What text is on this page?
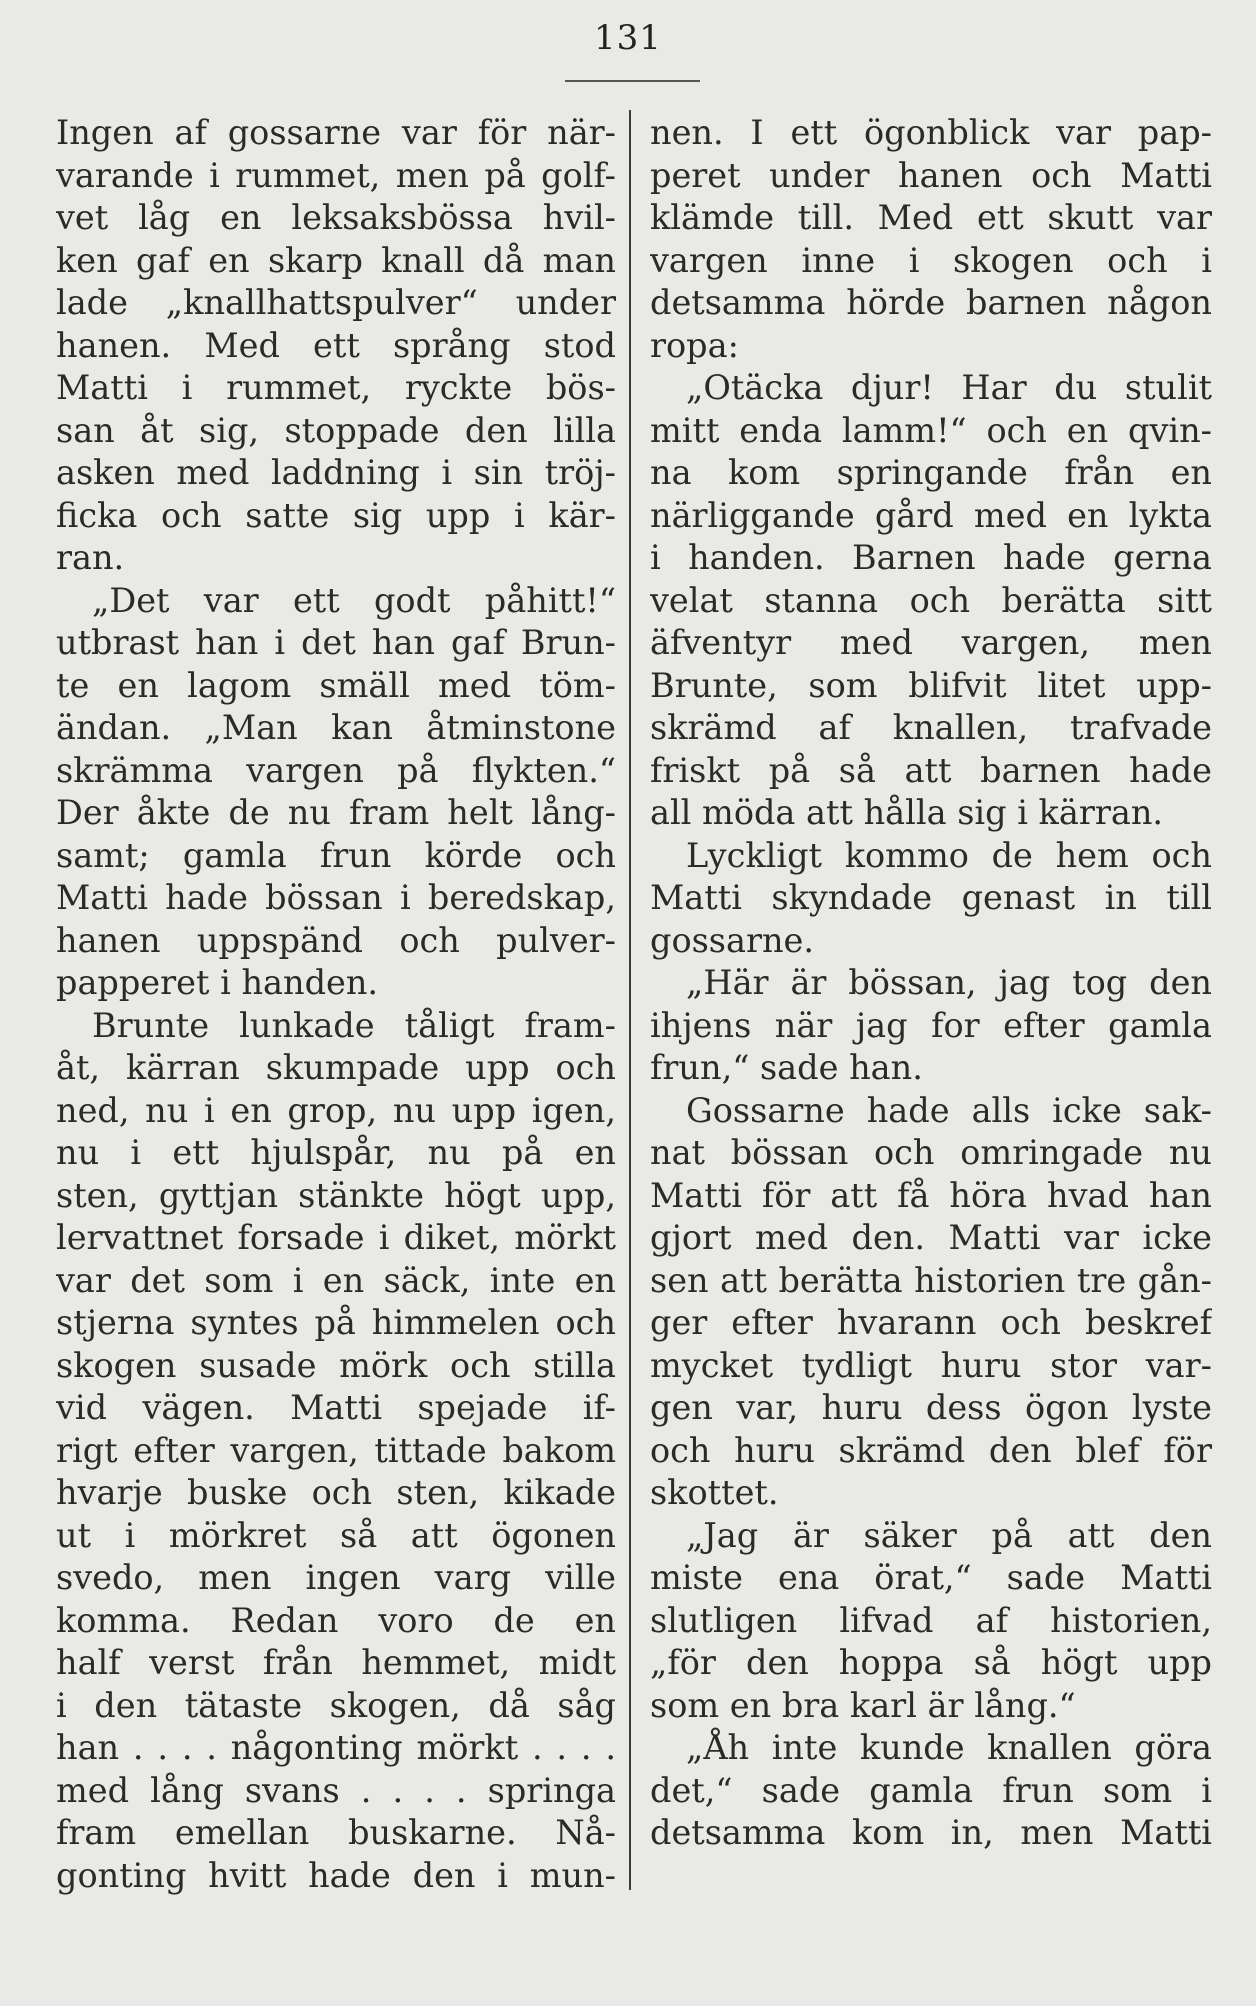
131
Ingen af gossarne var för när-
varande i rummet, men på golf-
vet låg en leksaksbössa hvil-
ken gaf en skarp knall då man
lade „knallhattspulver“ under
hanen. Med ett språng stod
Matti i rummet, ryckte bös-
san åt sig, stoppade den lilla
asken med laddning i sin tröj-
ficka och satte sig upp i kär-
ran.
„Det var ett godt påhitt!“
utbrast han i det han gaf Brun-
te en lagom smäll med töm-
ändan. „Man kan åtminstone
skrämma vargen på flykten.“
Der åkte de nu fram helt lång-
samt; gamla frun körde och
Matti hade bössan i beredskap,
hanen uppspänd och pulver-
papperet i handen.
Brunte lunkade tåligt fram-
åt, kärran skumpade upp och
ned, nu i en grop, nu upp igen,
nu i ett hjulspår, nu på en
sten, gyttjan stänkte högt upp,
lervattnet forsade i diket, mörkt
var det som i en säck, inte en
stjerna syntes på himmelen och
skogen susade mörk och stilla
vid vägen. Matti spejade if-
rigt efter vargen, tittade bakom
hvarje buske och sten, kikade
ut i mörkret så att ögonen
svedo, men ingen varg ville
komma. Redan voro de en
half verst från hemmet, midt
i den tätaste skogen, då såg
han . . . . någonting mörkt . . . .
med lång svans . . . . springa
fram emellan buskarne. Nå-
gonting hvitt hade den i mun-
nen. I ett ögonblick var pap-
peret under hanen och Matti
klämde till. Med ett skutt var
vargen inne i skogen och i
detsamma hörde barnen någon
ropa:
„Otäcka djur! Har du stulit
mitt enda lamm!“ och en qvin-
na kom springande från en
närliggande gård med en lykta
i handen. Barnen hade gerna
velat stanna och berätta sitt
äfventyr med vargen, men
Brunte, som blifvit litet upp-
skrämd af knallen, trafvade
friskt på så att barnen hade
all möda att hålla sig i kärran.
Lyckligt kommo de hem och
Matti skyndade genast in till
gossarne.
„Här är bössan, jag tog den
ihjens när jag for efter gamla
frun,“ sade han.
Gossarne hade alls icke sak-
nat bössan och omringade nu
Matti för att få höra hvad han
gjort med den. Matti var icke
sen att berätta historien tre gån-
ger efter hvarann och beskref
mycket tydligt huru stor var-
gen var, huru dess ögon lyste
och huru skrämd den blef för
skottet.
„Jag är säker på att den
miste ena örat,“ sade Matti
slutligen lifvad af historien,
„för den hoppa så högt upp
som en bra karl är lång.“
„Åh inte kunde knallen göra
det,“ sade gamla frun som i
detsamma kom in, men Matti
